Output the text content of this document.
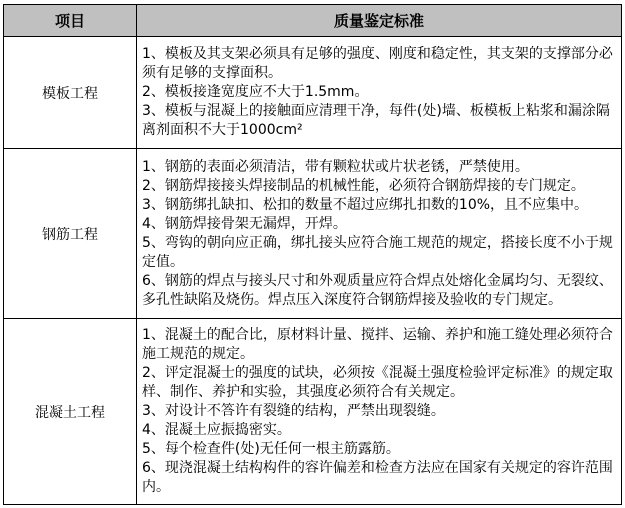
项目	质量鉴定标准
模板工程	1、模板及其支架必须具有足够的强度、刚度和稳定性，其支架的支撑部分必须有足够的支撑面积。
2、模板接逢宽度应不大于1.5mm。
3、模板与混凝上的接触面应清理干净，每件(处)墙、板模板上粘浆和漏涂隔离剂面积不大于1000cm²

钢筋工程	
1、钢筋的表面必须清洁，带有颗粒状或片状老锈，严禁使用。
2、钢筋焊接接头焊接制品的机械性能，必须符合钢筋焊接的专门规定。
3、钢筋绑扎缺扣、松扣的数量不超过应绑扎扣数的10%，且不应集中。
4、钢筋焊接骨架无漏焊，开焊。
5、弯钩的朝向应正确，绑扎接头应符合施工规范的规定，搭接长度不小于规定值。
6、钢筋的焊点与接头尺寸和外观质量应符合焊点处熔化金属均匀、无裂纹、多孔性缺陷及烧伤。焊点压入深度符合钢筋焊接及验收的专门规定。

混凝土工程	
1、混凝土的配合比，原材料计量、搅拌、运输、养护和施工缝处理必须符合施工规范的规定。
2、评定混凝士的强度的试块，必须按《混凝土强度检验评定标准》的规定取样、制作、养护和实验，其强度必须符合有关规定。
3、对设计不答许有裂缝的结构，严禁出现裂缝。
4、混凝土应振捣密实。
5、每个检查件(处)无任何一根主筋露筋。
6、现浇混凝土结构构件的容许偏差和检查方法应在国家有关规定的容许范围内。
